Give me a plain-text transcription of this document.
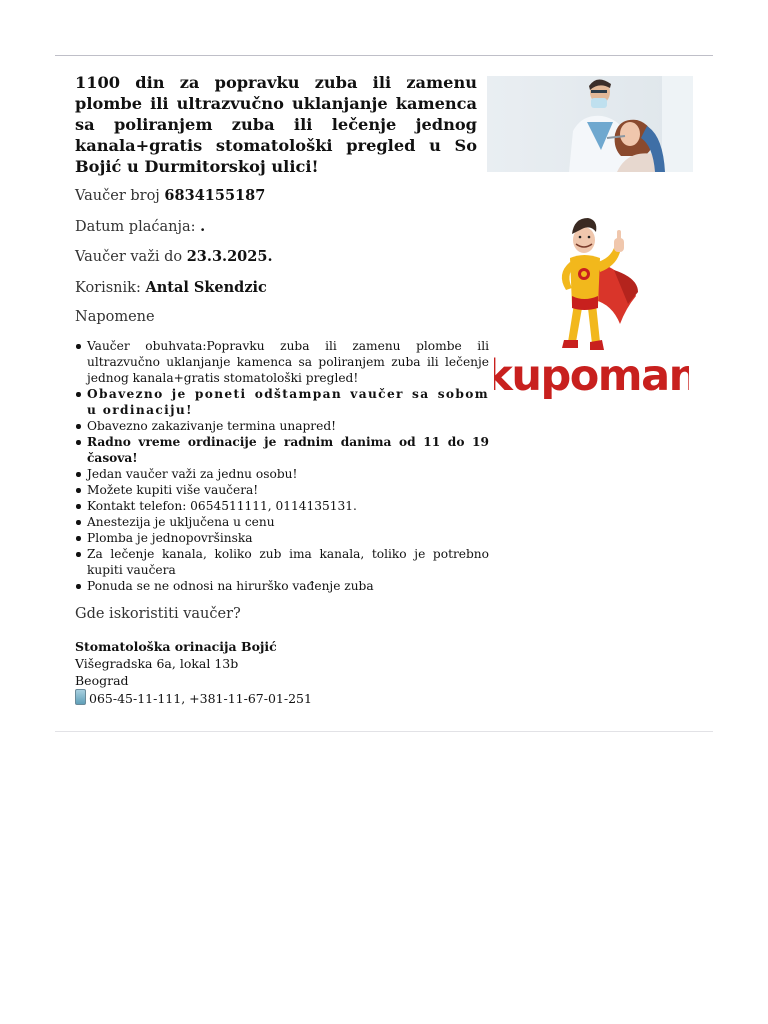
1100 din za popravku zuba ili zamenu plombe ili ultrazvučno uklanjanje kamenca sa poliranjem zuba ili lečenje jednog kanala+gratis stomatološki pregled u So Bojić u Durmitorskoj ulici!

Vaučer broj 6834155187

Datum plaćanja: .

Vaučer važi do 23.3.2025.

Korisnik: Antal Skendzic

Napomene

Vaučer obuhvata:Popravku zuba ili zamenu plombe ili ultrazvučno uklanjanje kamenca sa poliranjem zuba ili lečenje jednog kanala+gratis stomatološki pregled!
Obavezno je poneti odštampan vaučer sa sobom u ordinaciju!
Obavezno zakazivanje termina unapred!
Radno vreme ordinacije je radnim danima od 11 do 19 časova!
Jedan vaučer važi za jednu osobu!
Možete kupiti više vaučera!
Kontakt telefon: 0654511111, 0114135131.
Anestezija je uključena u cenu
Plomba je jednopovršinska
Za lečenje kanala, koliko zub ima kanala, toliko je potrebno kupiti vaučera
Ponuda se ne odnosi na hirurško vađenje zuba

Gde iskoristiti vaučer?

Stomatološka orinacija Bojić
Višegradska 6a, lokal 13b
Beograd
065-45-11-111, +381-11-67-01-251
kupoman
